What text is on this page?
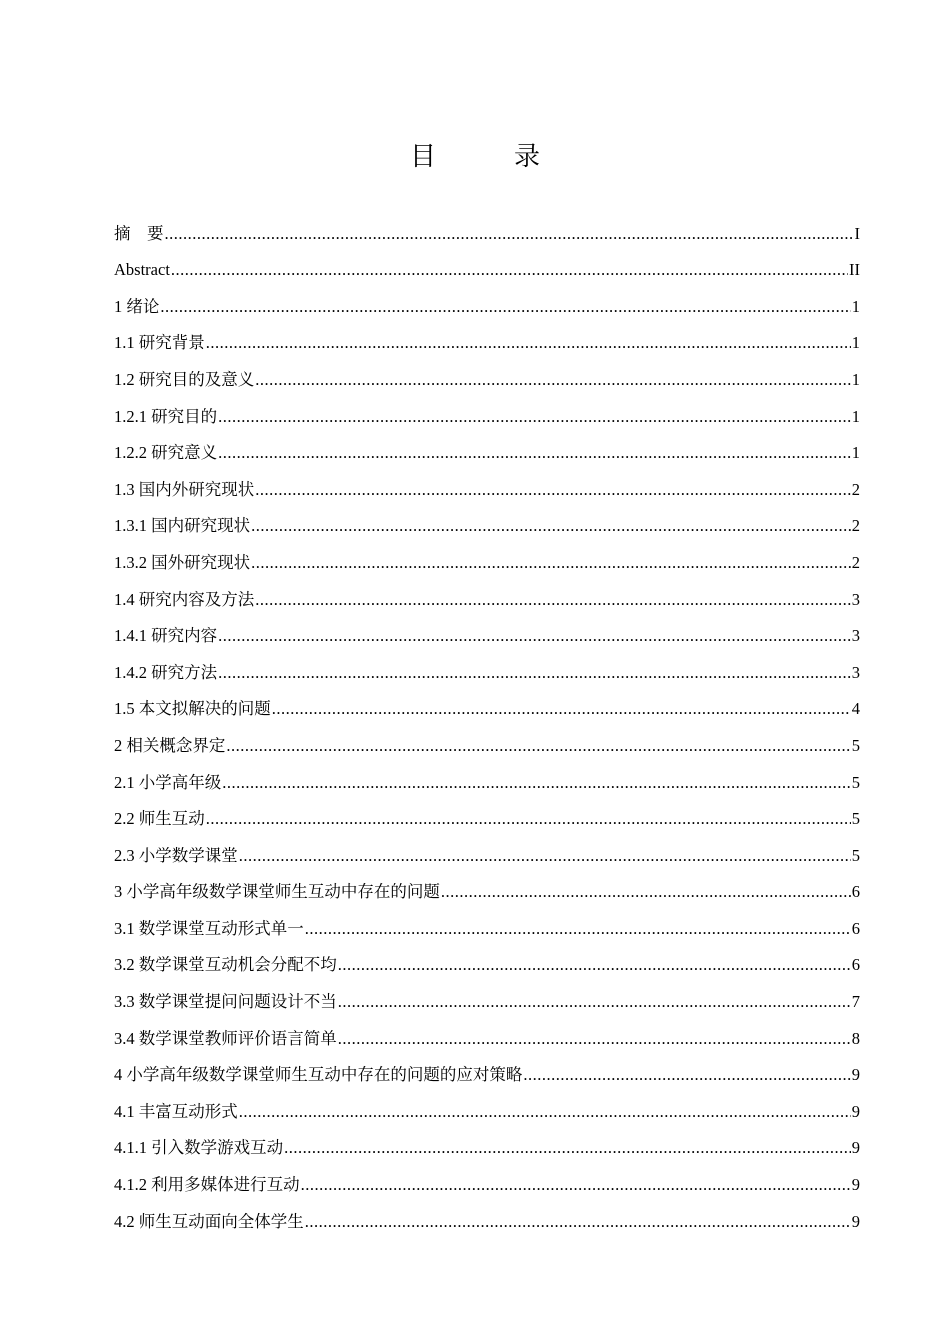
目　录
摘　要 .....	I
Abstract .....	II
1 绪论 .....	1
1.1 研究背景 .....	1
1.2 研究目的及意义 .....	1
1.2.1 研究目的 .....	1
1.2.2 研究意义 .....	1
1.3 国内外研究现状 .....	2
1.3.1 国内研究现状 .....	2
1.3.2 国外研究现状 .....	2
1.4 研究内容及方法 .....	3
1.4.1 研究内容 .....	3
1.4.2 研究方法 .....	3
1.5 本文拟解决的问题 .....	4
2 相关概念界定 .....	5
2.1 小学高年级 .....	5
2.2 师生互动 .....	5
2.3 小学数学课堂 .....	5
3 小学高年级数学课堂师生互动中存在的问题 .....	6
3.1 数学课堂互动形式单一 .....	6
3.2 数学课堂互动机会分配不均 .....	6
3.3 数学课堂提问问题设计不当 .....	7
3.4 数学课堂教师评价语言简单 .....	8
4 小学高年级数学课堂师生互动中存在的问题的应对策略 .....	9
4.1 丰富互动形式 .....	9
4.1.1 引入数学游戏互动 .....	9
4.1.2 利用多媒体进行互动 .....	9
4.2 师生互动面向全体学生 .....	9
